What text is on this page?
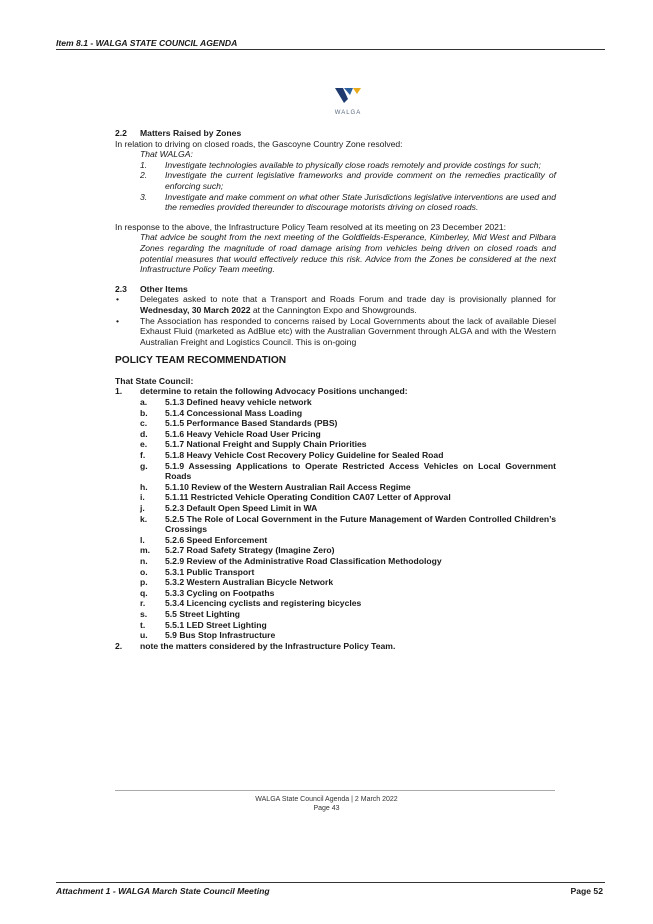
Item 8.1 - WALGA STATE COUNCIL AGENDA
WALGA

2.2 Matters Raised by Zones

In relation to driving on closed roads, the Gascoyne Country Zone resolved:

That WALGA:

1. Investigate technologies available to physically close roads remotely and provide costings for such;
2. Investigate the current legislative frameworks and provide comment on the remedies practicality of enforcing such;
3. Investigate and make comment on what other State Jurisdictions legislative interventions are used and the remedies provided thereunder to discourage motorists driving on closed roads.

In response to the above, the Infrastructure Policy Team resolved at its meeting on 23 December 2021:

That advice be sought from the next meeting of the Goldfields-Esperance, Kimberley, Mid West and Pilbara Zones regarding the magnitude of road damage arising from vehicles being driven on closed roads and potential measures that would effectively reduce this risk. Advice from the Zones be considered at the next Infrastructure Policy Team meeting.

2.3 Other Items

• Delegates asked to note that a Transport and Roads Forum and trade day is provisionally planned for Wednesday, 30 March 2022 at the Cannington Expo and Showgrounds.
• The Association has responded to concerns raised by Local Governments about the lack of available Diesel Exhaust Fluid (marketed as AdBlue etc) with the Australian Government through ALGA and with the Western Australian Freight and Logistics Council. This is on-going

POLICY TEAM RECOMMENDATION

That State Council:

1. determine to retain the following Advocacy Positions unchanged:
a. 5.1.3 Defined heavy vehicle network
b. 5.1.4 Concessional Mass Loading
c. 5.1.5 Performance Based Standards (PBS)
d. 5.1.6 Heavy Vehicle Road User Pricing
e. 5.1.7 National Freight and Supply Chain Priorities
f. 5.1.8 Heavy Vehicle Cost Recovery Policy Guideline for Sealed Road
g. 5.1.9 Assessing Applications to Operate Restricted Access Vehicles on Local Government Roads
h. 5.1.10 Review of the Western Australian Rail Access Regime
i. 5.1.11 Restricted Vehicle Operating Condition CA07 Letter of Approval
j. 5.2.3 Default Open Speed Limit in WA
k. 5.2.5 The Role of Local Government in the Future Management of Warden Controlled Children’s Crossings
l. 5.2.6 Speed Enforcement
m. 5.2.7 Road Safety Strategy (Imagine Zero)
n. 5.2.9 Review of the Administrative Road Classification Methodology
o. 5.3.1 Public Transport
p. 5.3.2 Western Australian Bicycle Network
q. 5.3.3 Cycling on Footpaths
r. 5.3.4 Licencing cyclists and registering bicycles
s. 5.5 Street Lighting
t. 5.5.1 LED Street Lighting
u. 5.9 Bus Stop Infrastructure
2. note the matters considered by the Infrastructure Policy Team.
WALGA State Council Agenda | 2 March 2022
Page 43
Attachment 1 - WALGA March State Council Meeting	Page 52
